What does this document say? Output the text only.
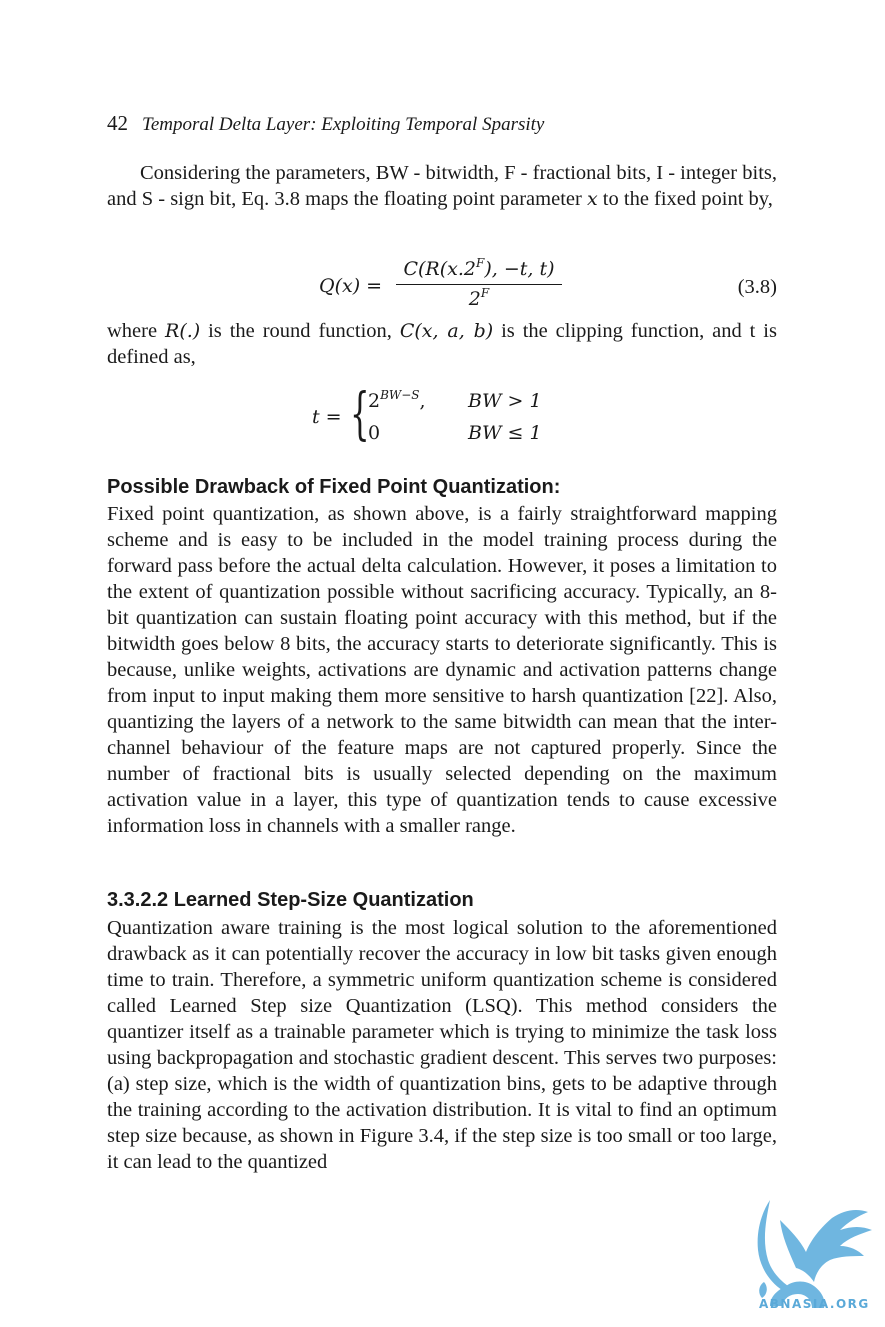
42 Temporal Delta Layer: Exploiting Temporal Sparsity

Considering the parameters, BW - bitwidth, F - fractional bits, I - integer bits, and S - sign bit, Eq. 3.8 maps the floating point parameter x to the fixed point by,

Q(x) =
$C(R(x.2^F)$, −t, t)
$2^F$	(3.8)

where R(.) is the round function, C(x, a, b) is the clipping function, and t is defined as,

t = {
$2^{BW-S}$, BW > 1
0	BW ≤ 1
Possible Drawback of Fixed Point Quantization:

Fixed point quantization, as shown above, is a fairly straightforward mapping scheme and is easy to be included in the model training process during the forward pass before the actual delta calculation. However, it poses a limitation to the extent of quantization possible without sacrificing accuracy. Typically, an 8-bit quantization can sustain floating point accuracy with this method, but if the bitwidth goes below 8 bits, the accuracy starts to deteriorate significantly. This is because, unlike weights, activations are dynamic and activation patterns change from input to input making them more sensitive to harsh quantization [22]. Also, quantizing the layers of a network to the same bitwidth can mean that the inter-channel behaviour of the feature maps are not captured properly. Since the number of fractional bits is usually selected depending on the maximum activation value in a layer, this type of quantization tends to cause excessive information loss in channels with a smaller range.

3.3.2.2 Learned Step-Size Quantization

Quantization aware training is the most logical solution to the aforementioned drawback as it can potentially recover the accuracy in low bit tasks given enough time to train. Therefore, a symmetric uniform quantization scheme is considered called Learned Step size Quantization (LSQ). This method considers the quantizer itself as a trainable parameter which is trying to minimize the task loss using backpropagation and stochastic gradient descent. This serves two purposes: (a) step size, which is the width of quantization bins, gets to be adaptive through the training according to the activation distribution. It is vital to find an optimum step size because, as shown in Figure 3.4, if the step size is too small or too large, it can lead to the quantized

ABNASIA.ORG
